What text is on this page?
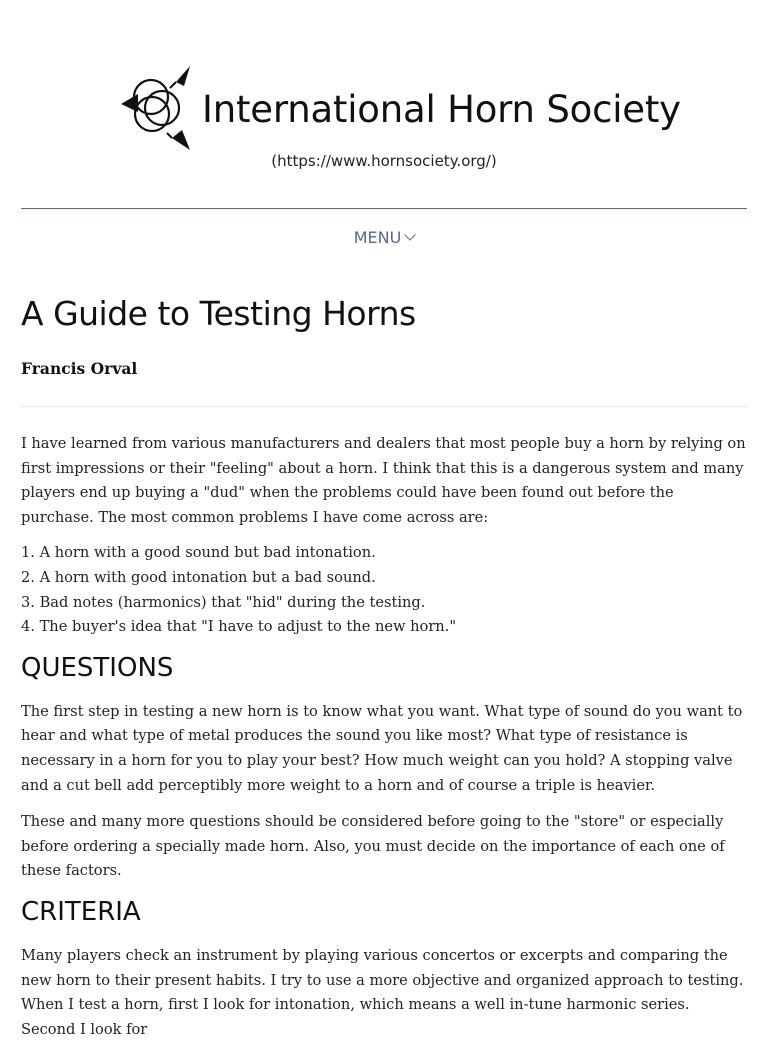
International Horn Society
(https://www.hornsociety.org/)
MENU
A Guide to Testing Horns

Francis Orval

I have learned from various manufacturers and dealers that most people buy a horn by relying on first impressions or their "feeling" about a horn. I think that this is a dangerous system and many players end up buying a "dud" when the problems could have been found out before the purchase. The most common problems I have come across are:

1. A horn with a good sound but bad intonation.
2. A horn with good intonation but a bad sound.
3. Bad notes (harmonics) that "hid" during the testing.
4. The buyer's idea that "I have to adjust to the new horn."
QUESTIONS

The first step in testing a new horn is to know what you want. What type of sound do you want to hear and what type of metal produces the sound you like most? What type of resistance is necessary in a horn for you to play your best? How much weight can you hold? A stopping valve and a cut bell add perceptibly more weight to a horn and of course a triple is heavier.

These and many more questions should be considered before going to the "store" or especially before ordering a specially made horn. Also, you must decide on the importance of each one of these factors.

CRITERIA

Many players check an instrument by playing various concertos or excerpts and comparing the new horn to their present habits. I try to use a more objective and organized approach to testing. When I test a horn, first I look for intonation, which means a well in-tune harmonic series. Second I look for
